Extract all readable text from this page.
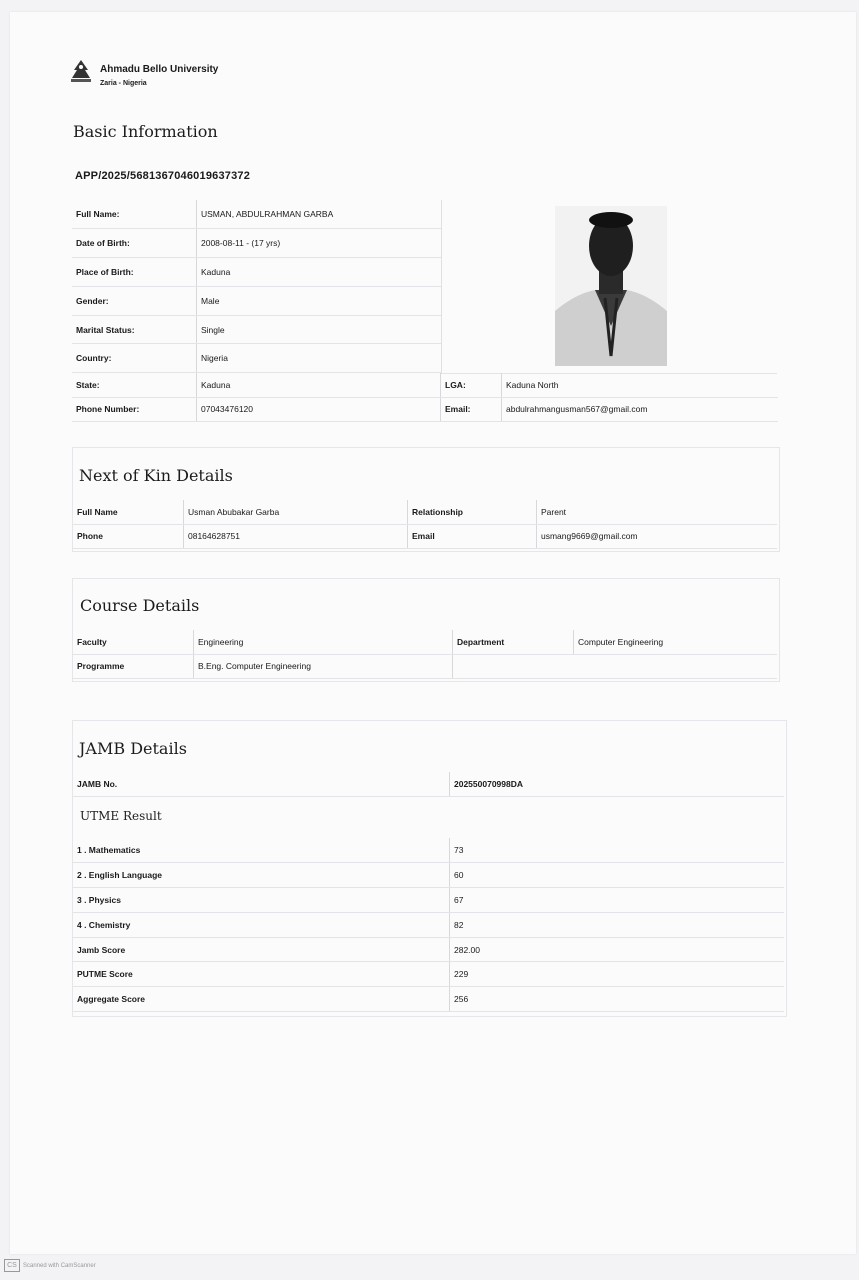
Ahmadu Bello University
Zaria - Nigeria
Basic Information
APP/2025/5681367046019637372
Full Name:	USMAN, ABDULRAHMAN GARBA
Date of Birth:	2008-08-11 - (17 yrs)
Place of Birth:	Kaduna
Gender:	Male
Marital Status:	Single
Country:	Nigeria
State:	Kaduna	LGA:	Kaduna North
Phone Number:	07043476120	Email:	abdulrahmangusman567@gmail.com
Next of Kin Details
Full Name	Usman Abubakar Garba	Relationship	Parent
Phone	08164628751	Email	usmang9669@gmail.com
Course Details
Faculty	Engineering	Department	Computer Engineering
Programme	B.Eng. Computer Engineering		
JAMB Details
JAMB No.	202550070998DA
UTME Result
1 . Mathematics	73
2 . English Language	60
3 . Physics	67
4 . Chemistry	82
Jamb Score	282.00
PUTME Score	229
Aggregate Score	256
CS Scanned with CamScanner
